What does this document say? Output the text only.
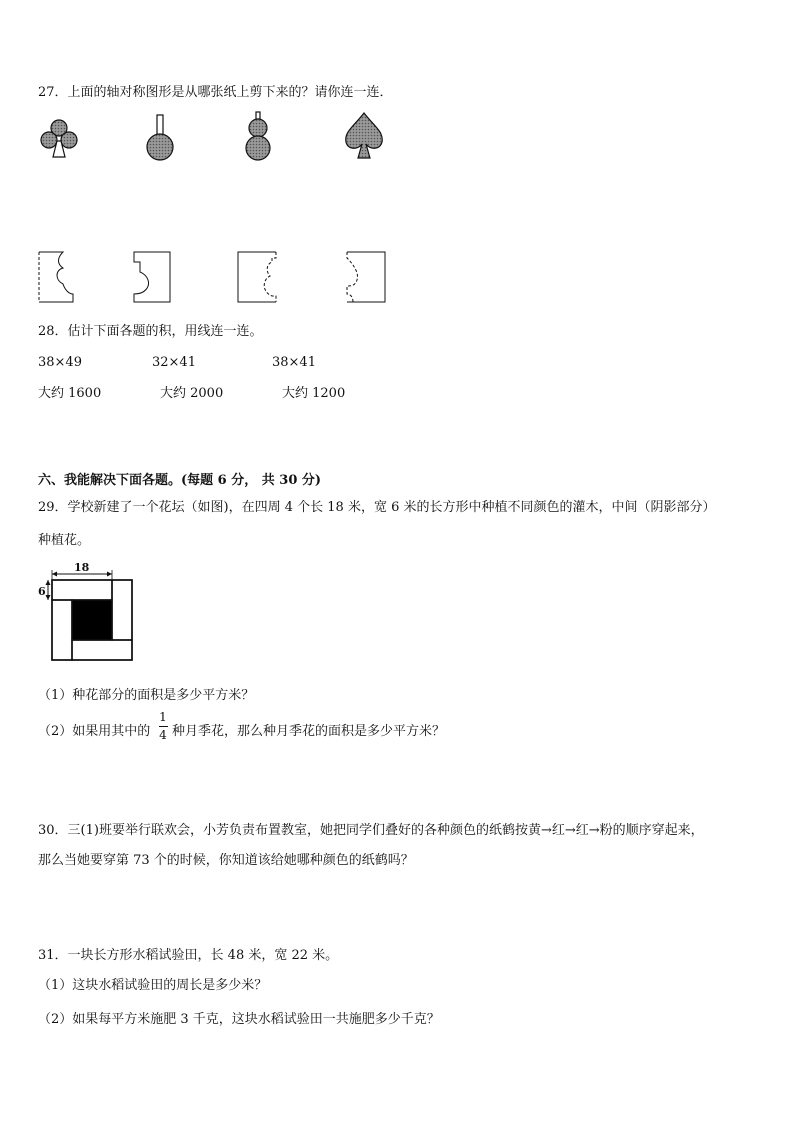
27．上面的轴对称图形是从哪张纸上剪下来的？请你连一连．
28．估计下面各题的积，用线连一连。
38×49	32×41	38×41
大约 1600	大约 2000	大约 1200
六、我能解决下面各题。(每题 6 分， 共 30 分)
29．学校新建了一个花坛（如图)，在四周 4 个长 18 米，宽 6 米的长方形中种植不同颜色的灌木，中间（阴影部分）
种植花。
18
6
（1）种花部分的面积是多少平方米？
（2）如果用其中的
1
4 种月季花，那么种月季花的面积是多少平方米？
30．三(1)班要举行联欢会，小芳负责布置教室，她把同学们叠好的各种颜色的纸鹤按黄→红→红→粉的顺序穿起来，
那么当她要穿第 73 个的时候，你知道该给她哪种颜色的纸鹤吗？
31．一块长方形水稻试验田，长 48 米，宽 22 米。
（1）这块水稻试验田的周长是多少米？
（2）如果每平方米施肥 3 千克，这块水稻试验田一共施肥多少千克？
